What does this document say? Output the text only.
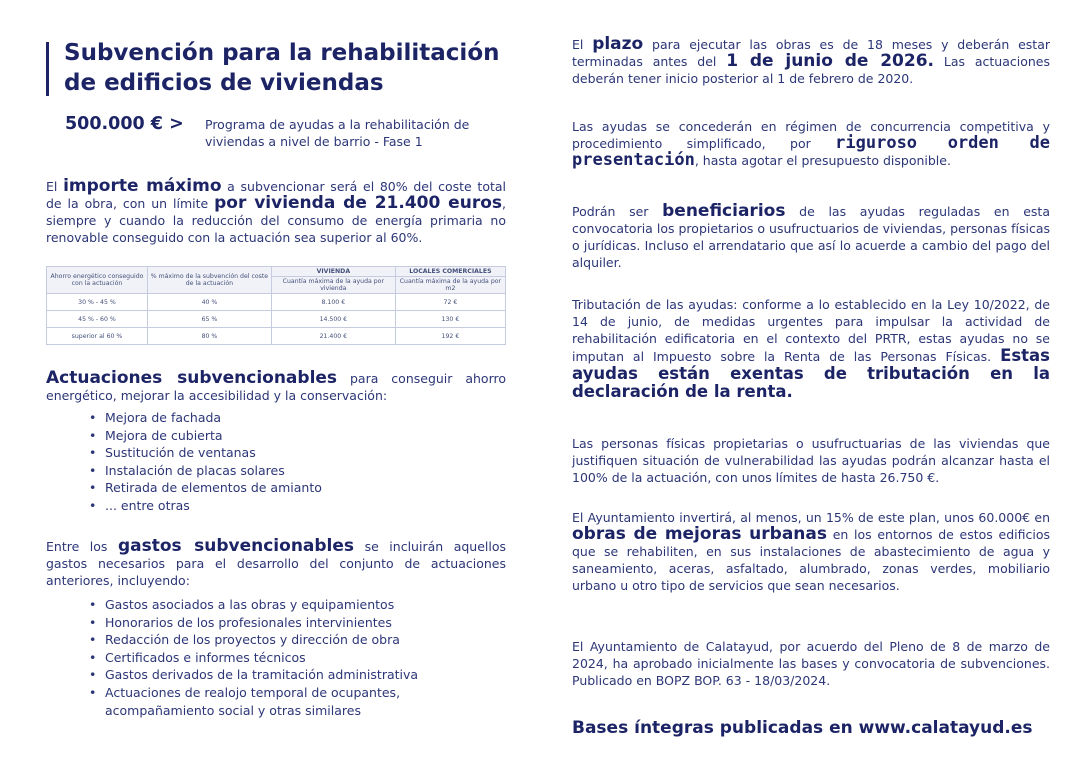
Subvención para la rehabilitación de edificios de viviendas
500.000 € > Programa de ayudas a la rehabilitación de viviendas a nivel de barrio - Fase 1

El importe máximo a subvencionar será el 80% del coste total de la obra, con un límite por vivienda de 21.400 euros, siempre y cuando la reducción del consumo de energía primaria no renovable conseguido con la actuación sea superior al 60%.

Ahorro energético conseguido con la actuación	% máximo de la subvención del coste de la actuación	VIVIENDA	LOCALES COMERCIALES
		Cuantía máxima de la ayuda por vivienda	Cuantía máxima de la ayuda por m2
30 % - 45 %	40 %	8.100 €	72 €
45 % - 60 %	65 %	14.500 €	130 €
superior al 60 %	80 %	21.400 €	192 €

Actuaciones subvencionables para conseguir ahorro energético, mejorar la accesibilidad y la conservación:

• Mejora de fachada
• Mejora de cubierta
• Sustitución de ventanas
• Instalación de placas solares
• Retirada de elementos de amianto
• ... entre otras

Entre los gastos subvencionables se incluirán aquellos gastos necesarios para el desarrollo del conjunto de actuaciones anteriores, incluyendo:

• Gastos asociados a las obras y equipamientos
• Honorarios de los profesionales intervinientes
• Redacción de los proyectos y dirección de obra
• Certificados e informes técnicos
• Gastos derivados de la tramitación administrativa
• Actuaciones de realojo temporal de ocupantes, acompañamiento social y otras similares

El plazo para ejecutar las obras es de 18 meses y deberán estar terminadas antes del 1 de junio de 2026. Las actuaciones deberán tener inicio posterior al 1 de febrero de 2020.

Las ayudas se concederán en régimen de concurrencia competitiva y procedimiento simplificado, por riguroso orden de presentación, hasta agotar el presupuesto disponible.

Podrán ser beneficiarios de las ayudas reguladas en esta convocatoria los propietarios o usufructuarios de viviendas, personas físicas o jurídicas. Incluso el arrendatario que así lo acuerde a cambio del pago del alquiler.

Tributación de las ayudas: conforme a lo establecido en la Ley 10/2022, de 14 de junio, de medidas urgentes para impulsar la actividad de rehabilitación edificatoria en el contexto del PRTR, estas ayudas no se imputan al Impuesto sobre la Renta de las Personas Físicas. Estas ayudas están exentas de tributación en la declaración de la renta.

Las personas físicas propietarias o usufructuarias de las viviendas que justifiquen situación de vulnerabilidad las ayudas podrán alcanzar hasta el 100% de la actuación, con unos límites de hasta 26.750 €.

El Ayuntamiento invertirá, al menos, un 15% de este plan, unos 60.000€ en obras de mejoras urbanas en los entornos de estos edificios que se rehabiliten, en sus instalaciones de abastecimiento de agua y saneamiento, aceras, asfaltado, alumbrado, zonas verdes, mobiliario urbano u otro tipo de servicios que sean necesarios.

El Ayuntamiento de Calatayud, por acuerdo del Pleno de 8 de marzo de 2024, ha aprobado inicialmente las bases y convocatoria de subvenciones. Publicado en BOPZ BOP. 63 - 18/03/2024.

Bases íntegras publicadas en www.calatayud.es
